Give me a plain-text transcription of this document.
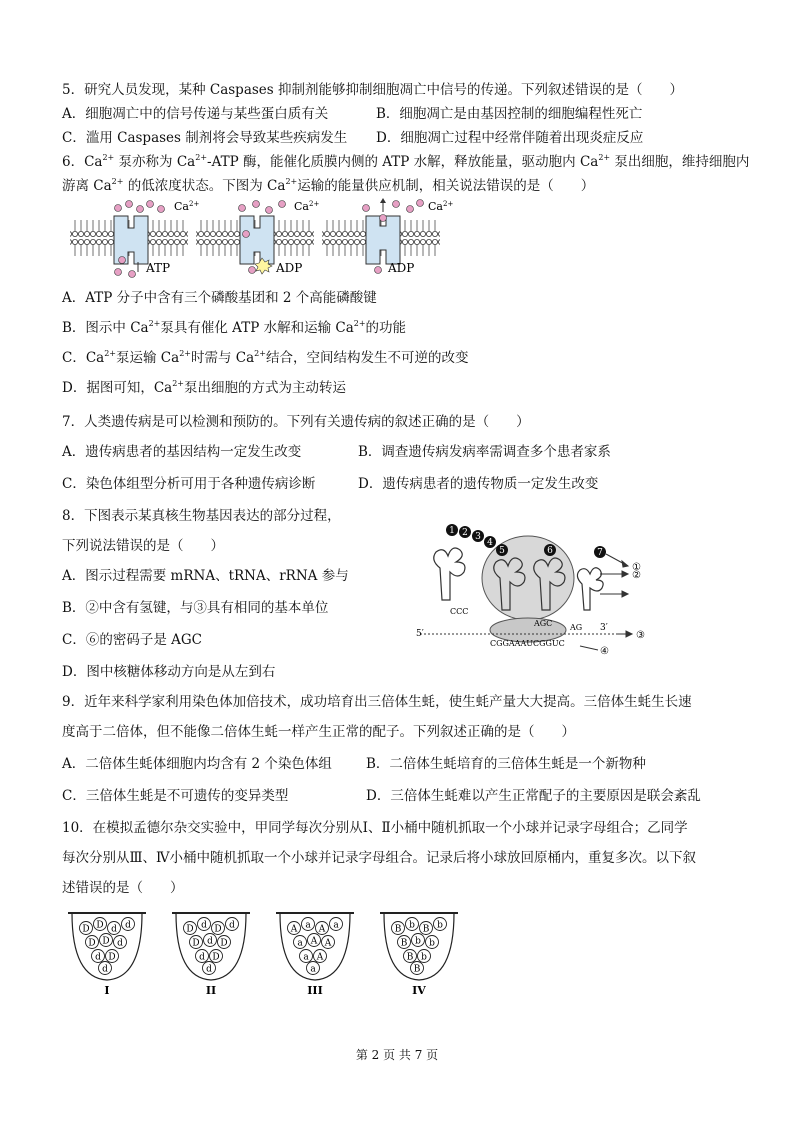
5．研究人员发现，某种 Caspases 抑制剂能够抑制细胞凋亡中信号的传递。下列叙述错误的是（　　）
A．细胞凋亡中的信号传递与某些蛋白质有关	B．细胞凋亡是由基因控制的细胞编程性死亡
C．滥用 Caspases 制剂将会导致某些疾病发生 D．细胞凋亡过程中经常伴随着出现炎症反应
6．$Ca^{2+}$ 泵亦称为 $Ca^{2+}$-ATP 酶，能催化质膜内侧的 ATP 水解，释放能量，驱动胞内 $Ca^{2+}$ 泵出细胞，维持细胞内
游离 $Ca^{2+}$ 的低浓度状态。下图为 $Ca^{2+}$运输的能量供应机制，相关说法错误的是（　　）
ATP
$Ca^{2+}$
ADP
$Ca^{2+}$
ADP
$Ca^{2+}$
A．ATP 分子中含有三个磷酸基团和 2 个高能磷酸键
B．图示中 $Ca^{2+}$泵具有催化 ATP 水解和运输 $Ca^{2+}$的功能
C．$Ca^{2+}$泵运输 $Ca^{2+}$时需与 $Ca^{2+}$结合，空间结构发生不可逆的改变
D．据图可知，$Ca^{2+}$泵出细胞的方式为主动转运
7．人类遗传病是可以检测和预防的。下列有关遗传病的叙述正确的是（　　）
A．遗传病患者的基因结构一定发生改变	B．调查遗传病发病率需调查多个患者家系
C．染色体组型分析可用于各种遗传病诊断	D．遗传病患者的遗传物质一定发生改变
8．下图表示某真核生物基因表达的部分过程，
下列说法错误的是（　　）
A．图示过程需要 mRNA、tRNA、rRNA 参与
B．②中含有氢键，与③具有相同的基本单位
C．⑥的密码子是 AGC
D．图中核糖体移动方向是从左到右
5′
3′
CGGAAAUCGGUC
CCC
AGC AG
1 2 3
4
5	6	7
①
②
③
④
9．近年来科学家利用染色体加倍技术，成功培育出三倍体生蚝，使生蚝产量大大提高。三倍体生蚝生长速
度高于二倍体，但不能像二倍体生蚝一样产生正常的配子。下列叙述正确的是（　　）
A．二倍体生蚝体细胞内均含有 2 个染色体组	B．二倍体生蚝培育的三倍体生蚝是一个新物种
C．三倍体生蚝是不可遗传的变异类型	D．三倍体生蚝难以产生正常配子的主要原因是联会紊乱
10．在模拟孟德尔杂交实验中，甲同学每次分别从Ⅰ、Ⅱ小桶中随机抓取一个小球并记录字母组合；乙同学
每次分别从Ⅲ、Ⅳ小桶中随机抓取一个小球并记录字母组合。记录后将小球放回原桶内，重复多次。以下叙
述错误的是（　　）
D D d d
D D d
d D
d
I
D d D d
D d D
d D
d
II
A a A a
a A A
a A
a
III
B b B b
B b b
B b
B
IV
第 2 页 共 7 页
